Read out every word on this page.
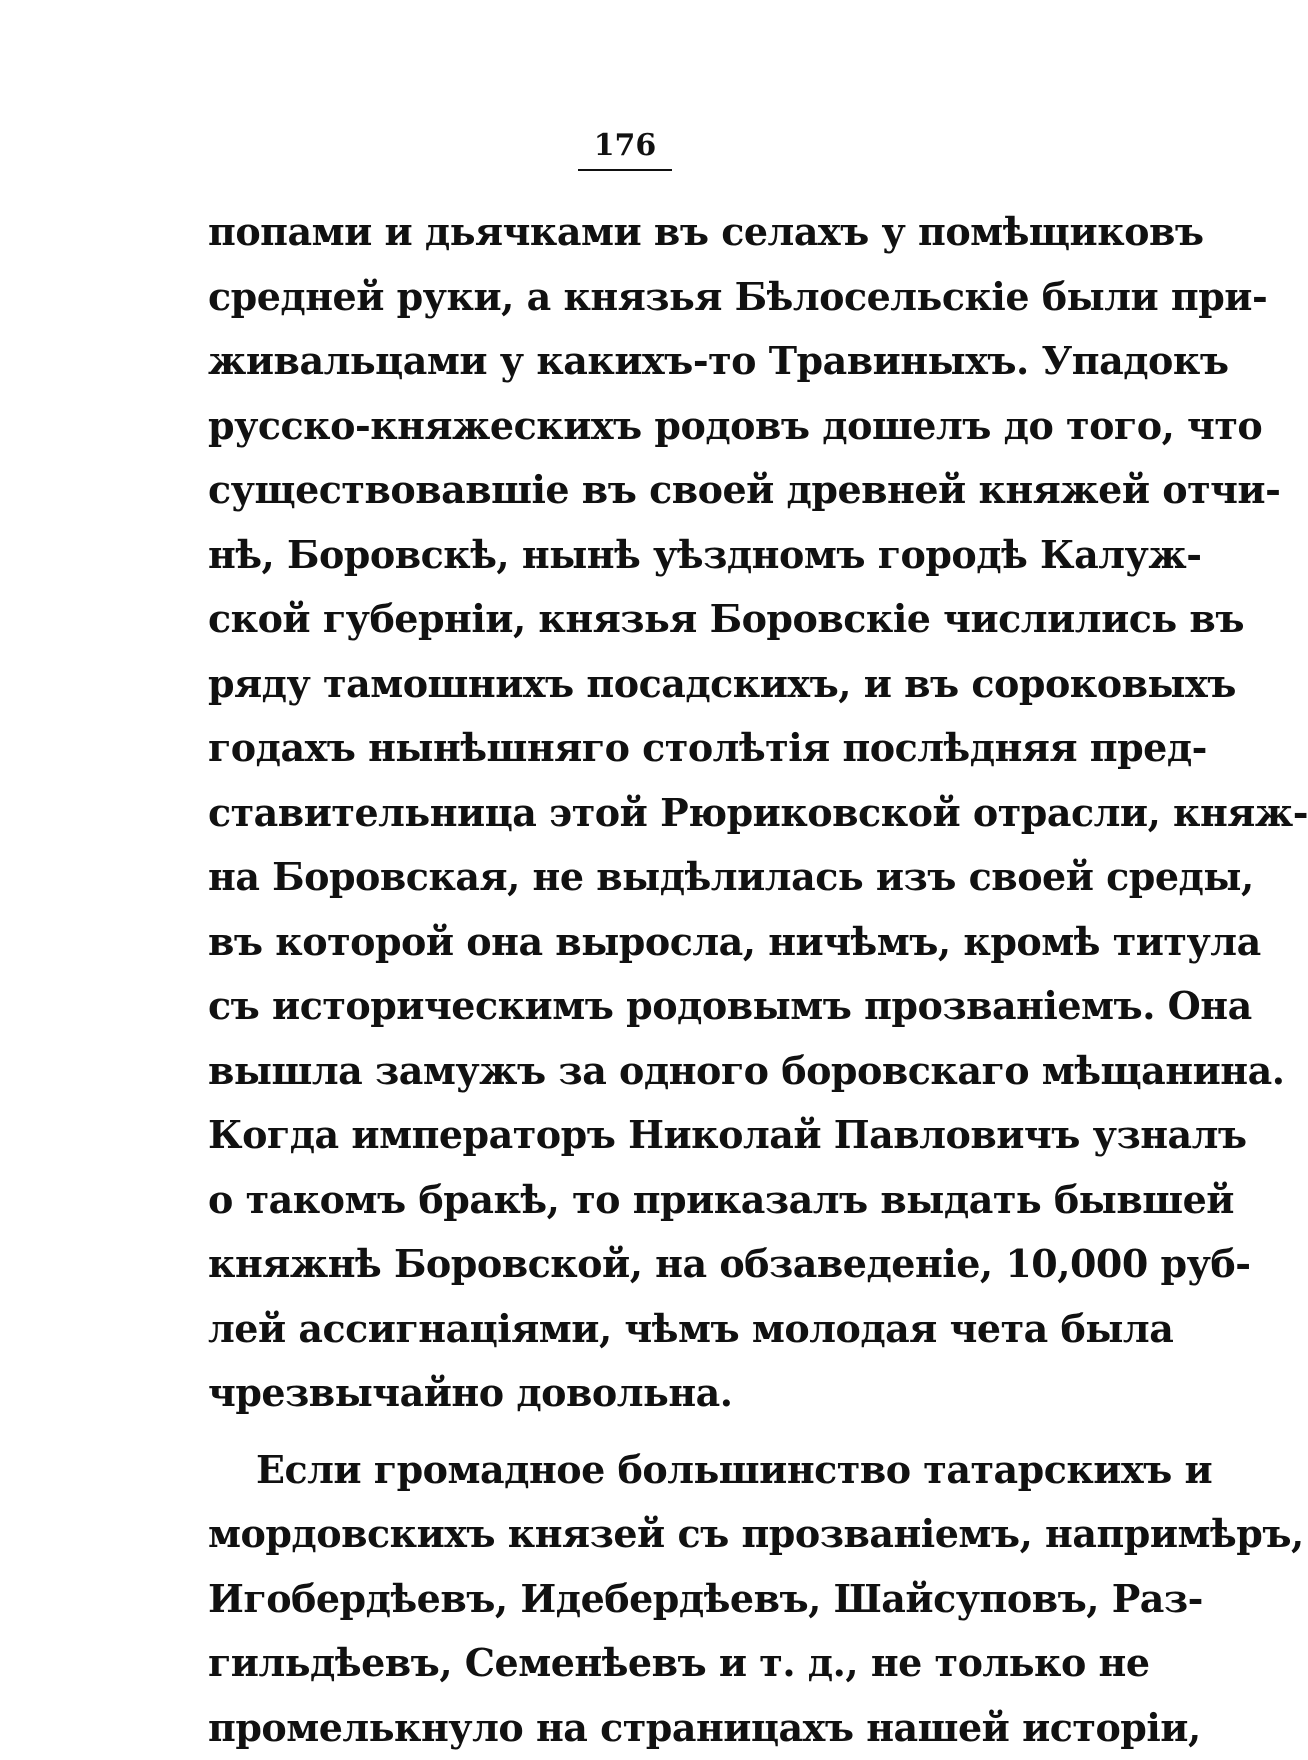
176
попами и дьячками въ селахъ у помѣщиковъ
средней руки, а князья Бѣлосельскіе были при-
живальцами у какихъ-то Травиныхъ. Упадокъ
русско-княжескихъ родовъ дошелъ до того, что
существовавшіе въ своей древней княжей отчи-
нѣ, Боровскѣ, нынѣ уѣздномъ городѣ Калуж-
ской губерніи, князья Боровскіе числились въ
ряду тамошнихъ посадскихъ, и въ сороковыхъ
годахъ нынѣшняго столѣтія послѣдняя пред-
ставительница этой Рюриковской отрасли, княж-
на Боровская, не выдѣлилась изъ своей среды,
въ которой она выросла, ничѣмъ, кромѣ титула
съ историческимъ родовымъ прозваніемъ. Она
вышла замужъ за одного боровскаго мѣщанина.
Когда императоръ Николай Павловичъ узналъ
о такомъ бракѣ, то приказалъ выдать бывшей
княжнѣ Боровской, на обзаведеніе, 10,000 руб-
лей ассигнаціями, чѣмъ молодая чета была
чрезвычайно довольна.
Если громадное большинство татарскихъ и
мордовскихъ князей съ прозваніемъ, напримѣръ,
Игобердѣевъ, Идебердѣевъ, Шайсуповъ, Раз-
гильдѣевъ, Семенѣевъ и т. д., не только не
промелькнуло на страницахъ нашей исторіи,
